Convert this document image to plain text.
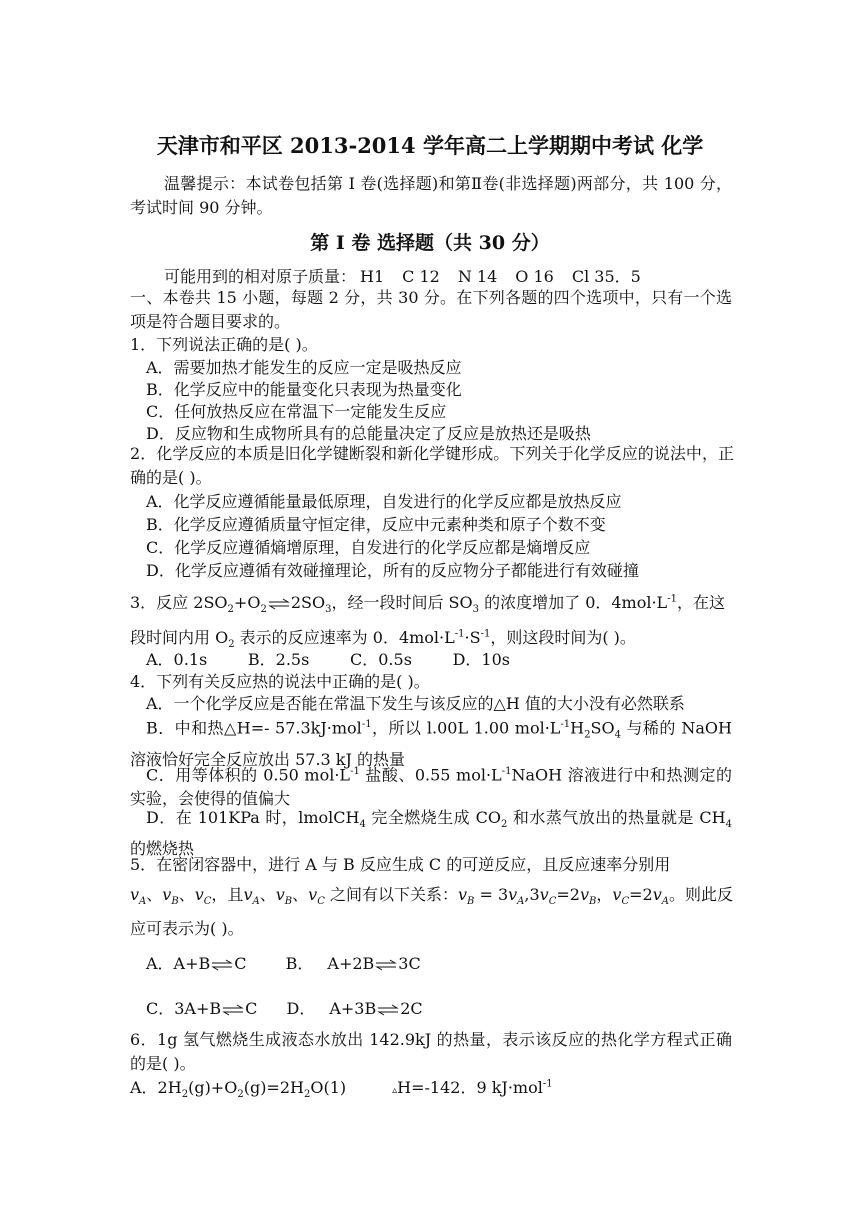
天津市和平区 2013-2014 学年高二上学期期中考试 化学
温馨提示：本试卷包括第 I 卷(选择题)和第Ⅱ卷(非选择题)两部分，共 100 分，考试时间 90 分钟。
第 I 卷 选择题（共 30 分）
可能用到的相对原子质量： H1 C 12 N 14 O 16 Cl 35．5
一、本卷共 15 小题，每题 2 分，共 30 分。在下列各题的四个选项中，只有一个选项是符合题目要求的。
1．下列说法正确的是( )。
A．需要加热才能发生的反应一定是吸热反应
B．化学反应中的能量变化只表现为热量变化
C．任何放热反应在常温下一定能发生反应
D．反应物和生成物所具有的总能量决定了反应是放热还是吸热
2．化学反应的本质是旧化学键断裂和新化学键形成。下列关于化学反应的说法中，正确的是( )。
A．化学反应遵循能量最低原理，自发进行的化学反应都是放热反应
B．化学反应遵循质量守恒定律，反应中元素种类和原子个数不变
C．化学反应遵循熵增原理，自发进行的化学反应都是熵增反应
D．化学反应遵循有效碰撞理论，所有的反应物分子都能进行有效碰撞
3．反应 $2SO_2+O_2$ $\rightleftharpoons 2SO_3$，经一段时间后 $SO_3$ 的浓度增加了 0．$4mol\cdot L^{-1}$，在这
段时间内用 $O_2$ 表示的反应速率为 0．$4mol\cdot L^{-1}\cdot S^{-1}$，则这段时间为( )。
A．0.1s        B．2.5s        C．0.5s        D．10s
4．下列有关反应热的说法中正确的是( )。
A．一个化学反应是否能在常温下发生与该反应的△H 值的大小没有必然联系
B．中和热△H=- 57.3kJ·mol$^{-1}$，所以 l.00L 1.00 $mol\cdot L^{-1}H_2SO_4$ 与稀的 NaOH 溶液恰好完全反应放出 57.3 kJ 的热量
C．用等体积的 0.50 $mol\cdot L^{-1}$ 盐酸、0.55 $mol\cdot L^{-1}NaOH$ 溶液进行中和热测定的实验，会使得的值偏大
D．在 101KPa 时，lmolCH$_4$ 完全燃烧生成 $CO_2$ 和水蒸气放出的热量就是 $CH_4$ 的燃烧热
5．在密闭容器中，进行 A 与 B 反应生成 C 的可逆反应，且反应速率分别用
$v_A$、$v_B$、$v_C$，且$v_A$、$v_B$、$v_C$ 之间有以下关系：$v_B = 3v_A,3v_C=2v_B$，$v_C=2v_A$。则此反
应可表示为( )。
A．A+B⇌C B． A+2B⇌3C
C．3A+B⇌C D． A+3B⇌2C
6．1g 氢气燃烧生成液态水放出 142.9kJ 的热量，表示该反应的热化学方程式正确的是( )。
A．$2H_2(g)+O_2(g)=2H_2O(1)$	▵H=-142．9 kJ·mol$^{-1}$
